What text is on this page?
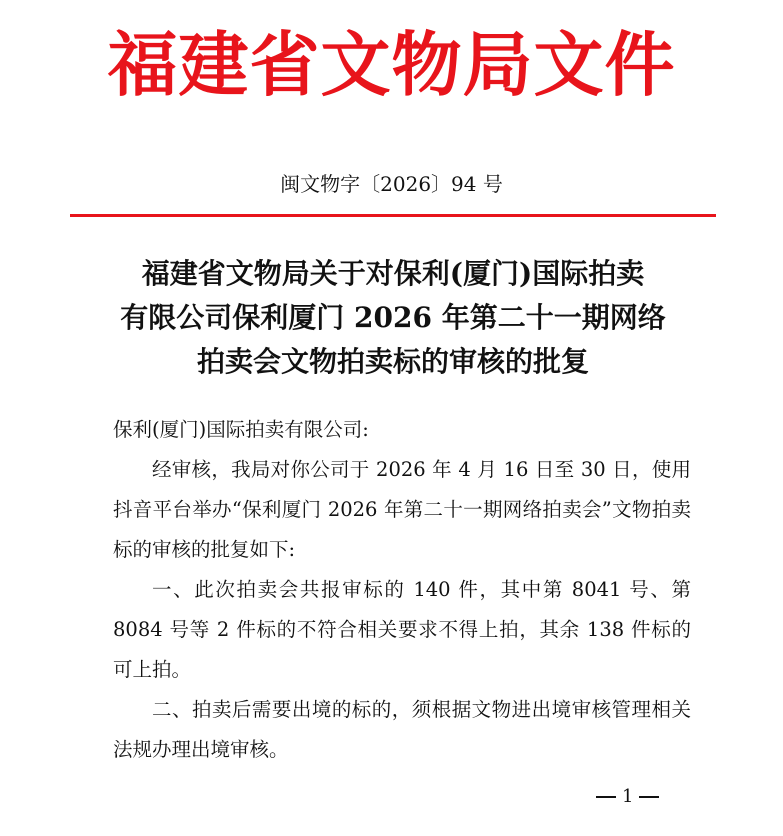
福建省文物局文件
闽文物字〔2026〕94 号
福建省文物局关于对保利(厦门)国际拍卖
有限公司保利厦门 2026 年第二十一期网络
拍卖会文物拍卖标的审核的批复

保利(厦门)国际拍卖有限公司:

经审核，我局对你公司于 2026 年 4 月 16 日至 30 日，使用抖音平台举办“保利厦门 2026 年第二十一期网络拍卖会”文物拍卖标的审核的批复如下:

一、此次拍卖会共报审标的 140 件，其中第 8041 号、第 8084 号等 2 件标的不符合相关要求不得上拍，其余 138 件标的可上拍。

二、拍卖后需要出境的标的，须根据文物进出境审核管理相关法规办理出境审核。

1
